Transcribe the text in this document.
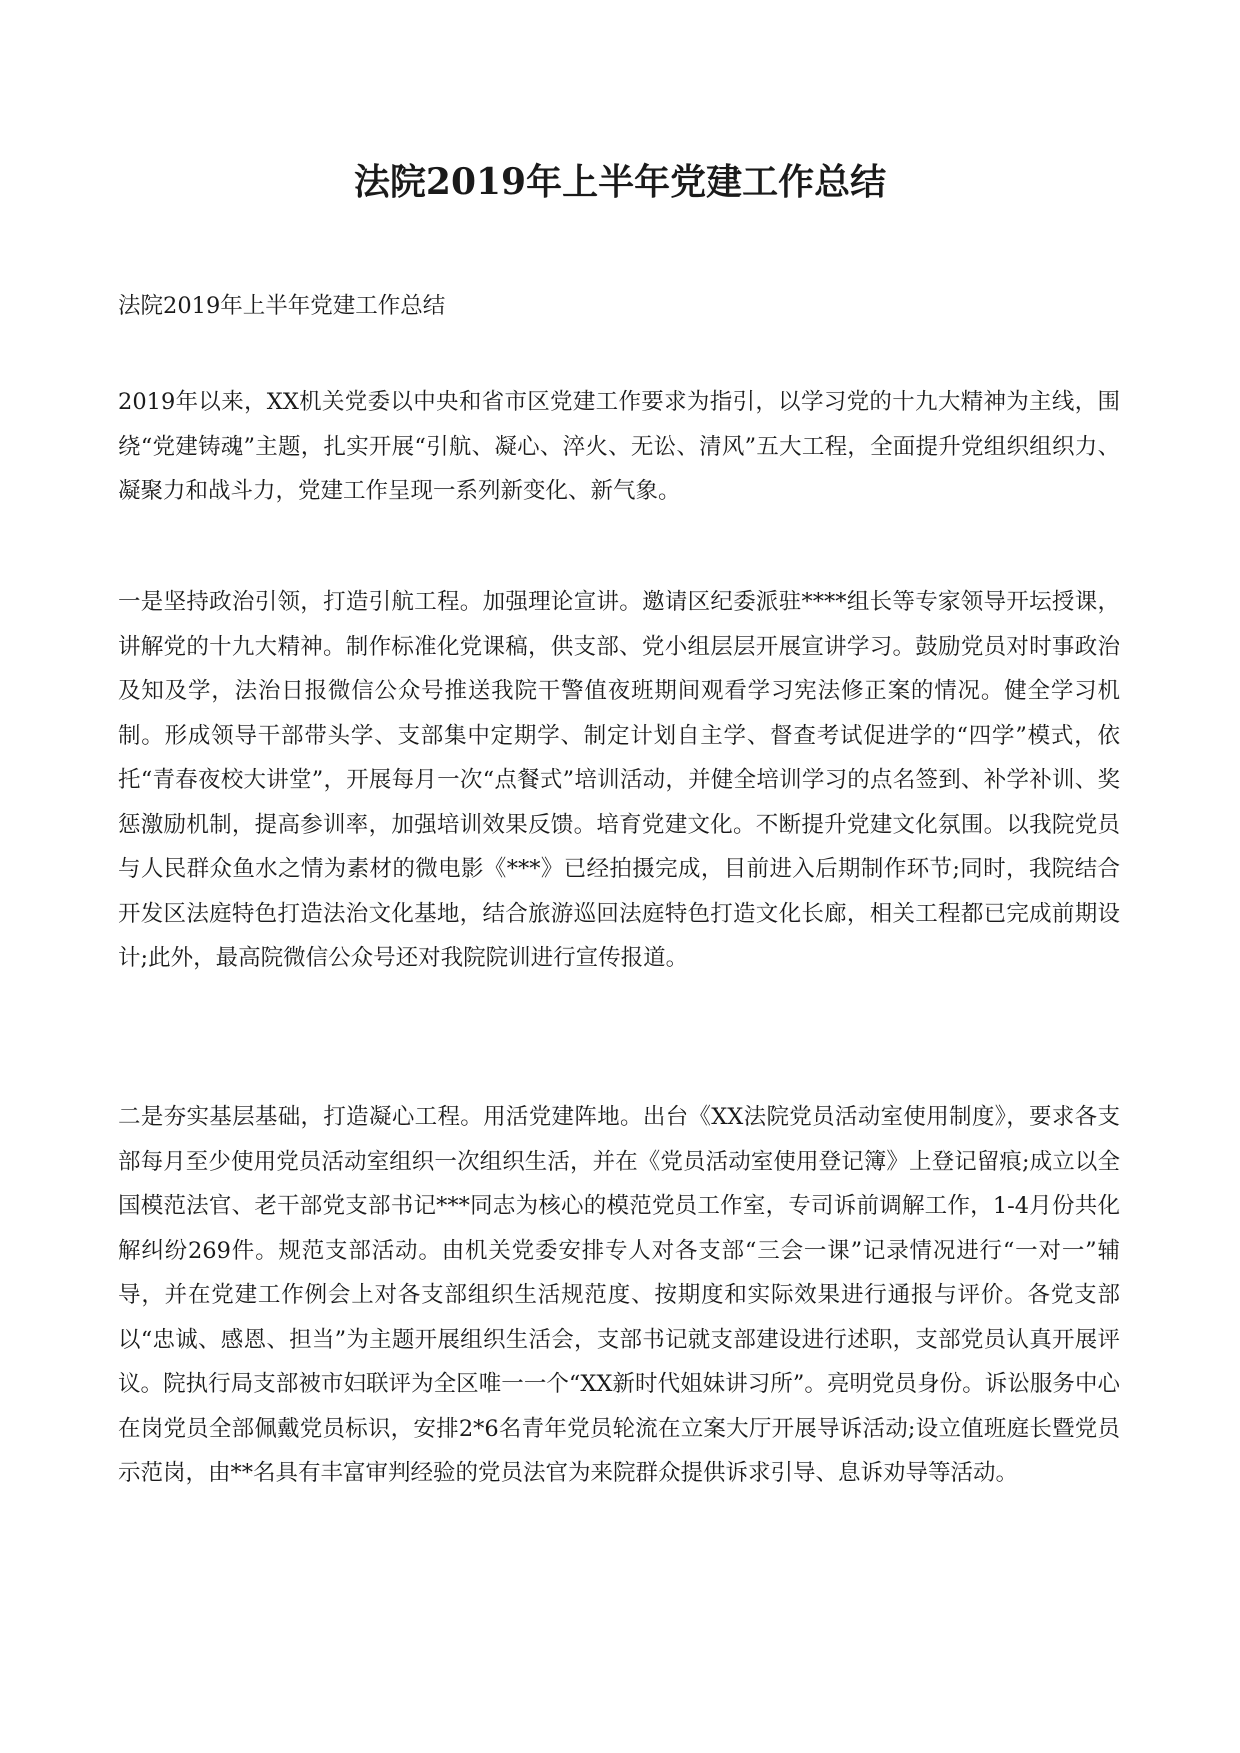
法院2019年上半年党建工作总结

法院2019年上半年党建工作总结

2019年以来，XX机关党委以中央和省市区党建工作要求为指引，以学习党的十九大精神为主线，围绕“党建铸魂”主题，扎实开展“引航、凝心、淬火、无讼、清风”五大工程，全面提升党组织组织力、凝聚力和战斗力，党建工作呈现一系列新变化、新气象。

一是坚持政治引领，打造引航工程。加强理论宣讲。邀请区纪委派驻****组长等专家领导开坛授课，讲解党的十九大精神。制作标准化党课稿，供支部、党小组层层开展宣讲学习。鼓励党员对时事政治及知及学，法治日报微信公众号推送我院干警值夜班期间观看学习宪法修正案的情况。健全学习机制。形成领导干部带头学、支部集中定期学、制定计划自主学、督查考试促进学的“四学”模式，依托“青春夜校大讲堂”，开展每月一次“点餐式”培训活动，并健全培训学习的点名签到、补学补训、奖惩激励机制，提高参训率，加强培训效果反馈。培育党建文化。不断提升党建文化氛围。以我院党员与人民群众鱼水之情为素材的微电影《***》已经拍摄完成，目前进入后期制作环节;同时，我院结合开发区法庭特色打造法治文化基地，结合旅游巡回法庭特色打造文化长廊，相关工程都已完成前期设计;此外，最高院微信公众号还对我院院训进行宣传报道。

二是夯实基层基础，打造凝心工程。用活党建阵地。出台《XX法院党员活动室使用制度》，要求各支部每月至少使用党员活动室组织一次组织生活，并在《党员活动室使用登记簿》上登记留痕;成立以全国模范法官、老干部党支部书记***同志为核心的模范党员工作室，专司诉前调解工作，1-4月份共化解纠纷269件。规范支部活动。由机关党委安排专人对各支部“三会一课”记录情况进行“一对一”辅导，并在党建工作例会上对各支部组织生活规范度、按期度和实际效果进行通报与评价。各党支部以“忠诚、感恩、担当”为主题开展组织生活会，支部书记就支部建设进行述职，支部党员认真开展评议。院执行局支部被市妇联评为全区唯一一个“XX新时代姐妹讲习所”。亮明党员身份。诉讼服务中心在岗党员全部佩戴党员标识，安排2*6名青年党员轮流在立案大厅开展导诉活动;设立值班庭长暨党员示范岗，由**名具有丰富审判经验的党员法官为来院群众提供诉求引导、息诉劝导等活动。
